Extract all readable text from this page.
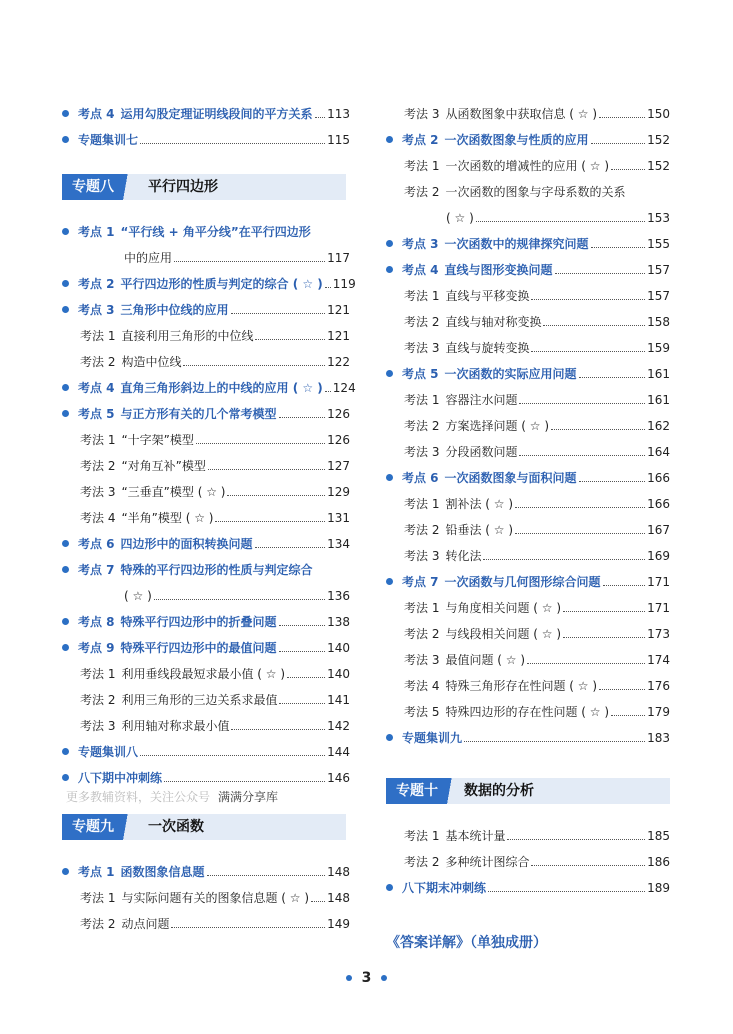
考点 4 运用勾股定理证明线段间的平方关系 113
专题集训七	115
专题八	平行四边形
考点 1 “平行线 + 角平分线”在平行四边形
中的应用	117
考点 2 平行四边形的性质与判定的综合 ( ☆ ) 119
考点 3 三角形中位线的应用	121
考法 1 直接利用三角形的中位线	121
考法 2 构造中位线	122
考点 4 直角三角形斜边上的中线的应用 ( ☆ ) 124
考点 5 与正方形有关的几个常考模型	126
考法 1 “十字架”模型	126
考法 2 “对角互补”模型	127
考法 3 “三垂直”模型 ( ☆ )	129
考法 4 “半角”模型 ( ☆ )	131
考点 6 四边形中的面积转换问题	134
考点 7 特殊的平行四边形的性质与判定综合
( ☆ )	136
考点 8 特殊平行四边形中的折叠问题	138
考点 9 特殊平行四边形中的最值问题	140
考法 1 利用垂线段最短求最小值 ( ☆ )	140
考法 2 利用三角形的三边关系求最值	141
考法 3 利用轴对称求最小值	142
专题集训八	144
八下期中冲刺练	146
更多教辅资料，关注公众号 满满分享库
专题九	一次函数
考点 1 函数图象信息题	148
考法 1 与实际问题有关的图象信息题 ( ☆ ) 148
考法 2 动点问题	149
考法 3 从函数图象中获取信息 ( ☆ )	150
考点 2 一次函数图象与性质的应用	152
考法 1 一次函数的增减性的应用 ( ☆ )	152
考法 2 一次函数的图象与字母系数的关系
( ☆ )	153
考点 3 一次函数中的规律探究问题	155
考点 4 直线与图形变换问题	157
考法 1 直线与平移变换	157
考法 2 直线与轴对称变换	158
考法 3 直线与旋转变换	159
考点 5 一次函数的实际应用问题	161
考法 1 容器注水问题	161
考法 2 方案选择问题 ( ☆ )	162
考法 3 分段函数问题	164
考点 6 一次函数图象与面积问题	166
考法 1 割补法 ( ☆ )	166
考法 2 铅垂法 ( ☆ )	167
考法 3 转化法	169
考点 7 一次函数与几何图形综合问题	171
考法 1 与角度相关问题 ( ☆ )	171
考法 2 与线段相关问题 ( ☆ )	173
考法 3 最值问题 ( ☆ )	174
考法 4 特殊三角形存在性问题 ( ☆ )	176
考法 5 特殊四边形的存在性问题 ( ☆ )	179
专题集训九	183
专题十	数据的分析
考法 1 基本统计量	185
考法 2 多种统计图综合	186
八下期末冲刺练	189
《答案详解》（单独成册）
3
